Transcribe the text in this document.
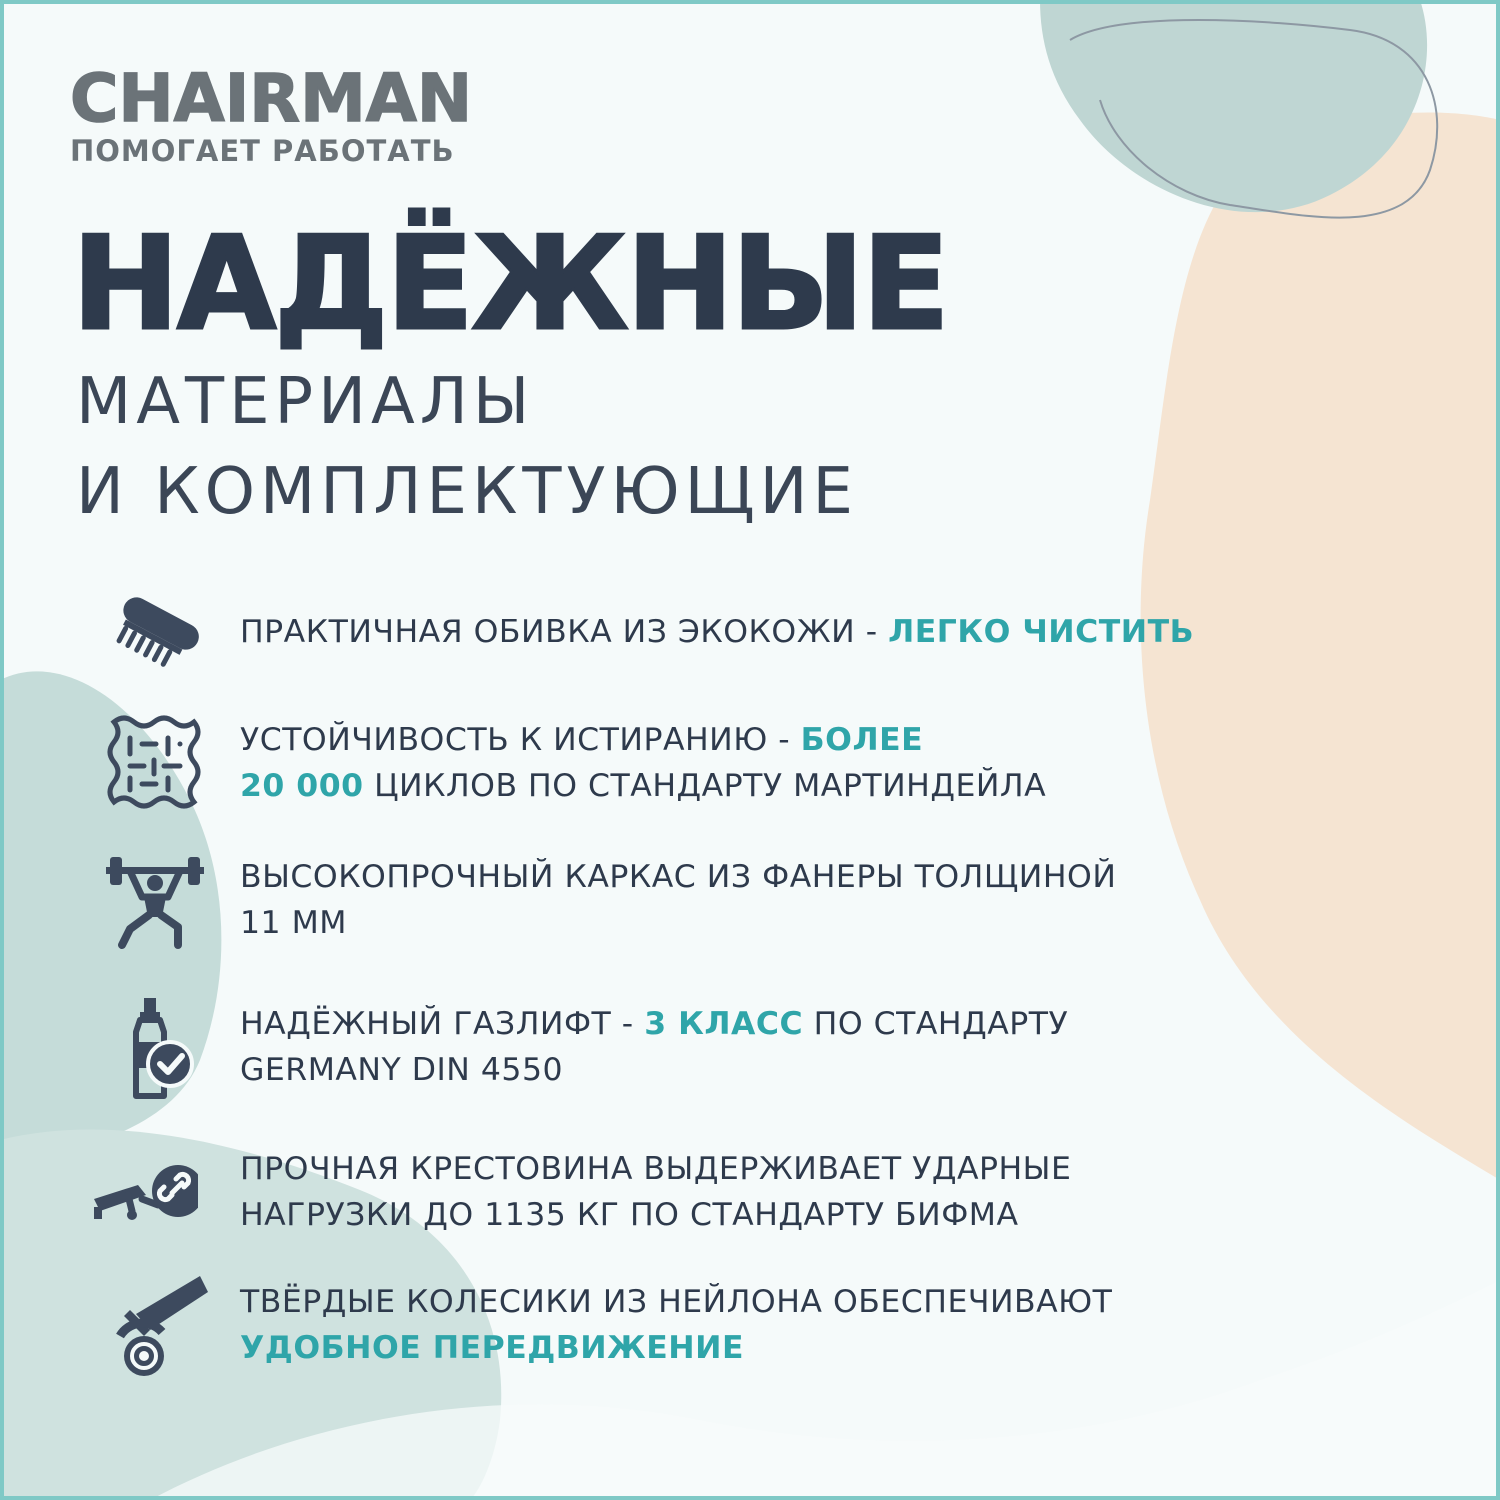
CHAIRMAN
ПОМОГАЕТ РАБОТАТЬ
НАДЁЖНЫЕ
МАТЕРИАЛЫ
И КОМПЛЕКТУЮЩИЕ
ПРАКТИЧНАЯ ОБИВКА ИЗ ЭКОКОЖИ - ЛЕГКО ЧИСТИТЬ
УСТОЙЧИВОСТЬ К ИСТИРАНИЮ - БОЛЕЕ
20 000 ЦИКЛОВ ПО СТАНДАРТУ МАРТИНДЕЙЛА
ВЫСОКОПРОЧНЫЙ КАРКАС ИЗ ФАНЕРЫ ТОЛЩИНОЙ
11 ММ
НАДЁЖНЫЙ ГАЗЛИФТ - 3 КЛАСС ПО СТАНДАРТУ
GERMANY DIN 4550
ПРОЧНАЯ КРЕСТОВИНА ВЫДЕРЖИВАЕТ УДАРНЫЕ
НАГРУЗКИ ДО 1135 КГ ПО СТАНДАРТУ БИФМА
ТВЁРДЫЕ КОЛЕСИКИ ИЗ НЕЙЛОНА ОБЕСПЕЧИВАЮТ
УДОБНОЕ ПЕРЕДВИЖЕНИЕ
